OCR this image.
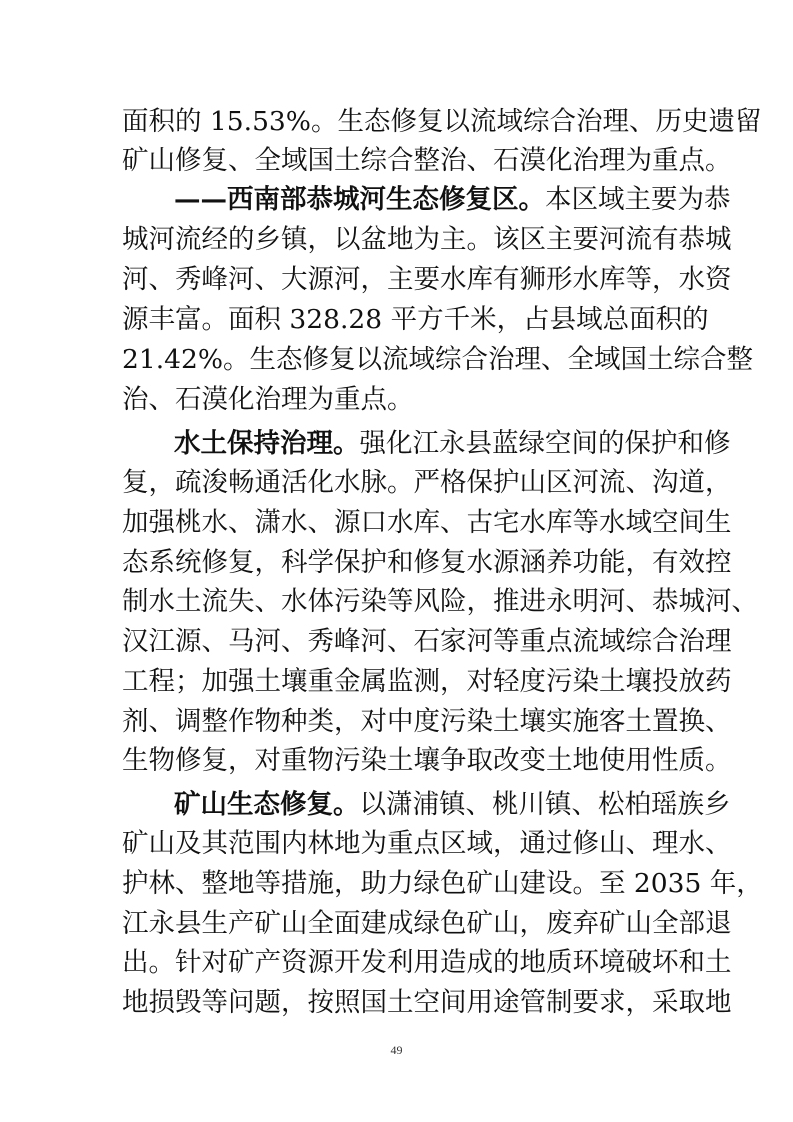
面积的 15.53%。生态修复以流域综合治理、历史遗留
矿山修复、全域国土综合整治、石漠化治理为重点。
——西南部恭城河生态修复区。本区域主要为恭
城河流经的乡镇，以盆地为主。该区主要河流有恭城
河、秀峰河、大源河，主要水库有狮形水库等，水资
源丰富。面积 328.28 平方千米，占县域总面积的
21.42%。生态修复以流域综合治理、全域国土综合整
治、石漠化治理为重点。
水土保持治理。强化江永县蓝绿空间的保护和修
复，疏浚畅通活化水脉。严格保护山区河流、沟道，
加强桃水、潇水、源口水库、古宅水库等水域空间生
态系统修复，科学保护和修复水源涵养功能，有效控
制水土流失、水体污染等风险，推进永明河、恭城河、
汉江源、马河、秀峰河、石家河等重点流域综合治理
工程；加强土壤重金属监测，对轻度污染土壤投放药
剂、调整作物种类，对中度污染土壤实施客土置换、
生物修复，对重物污染土壤争取改变土地使用性质。
矿山生态修复。以潇浦镇、桃川镇、松柏瑶族乡
矿山及其范围内林地为重点区域，通过修山、理水、
护林、整地等措施，助力绿色矿山建设。至 2035 年，
江永县生产矿山全面建成绿色矿山，废弃矿山全部退
出。针对矿产资源开发利用造成的地质环境破坏和土
地损毁等问题，按照国土空间用途管制要求，采取地
49
